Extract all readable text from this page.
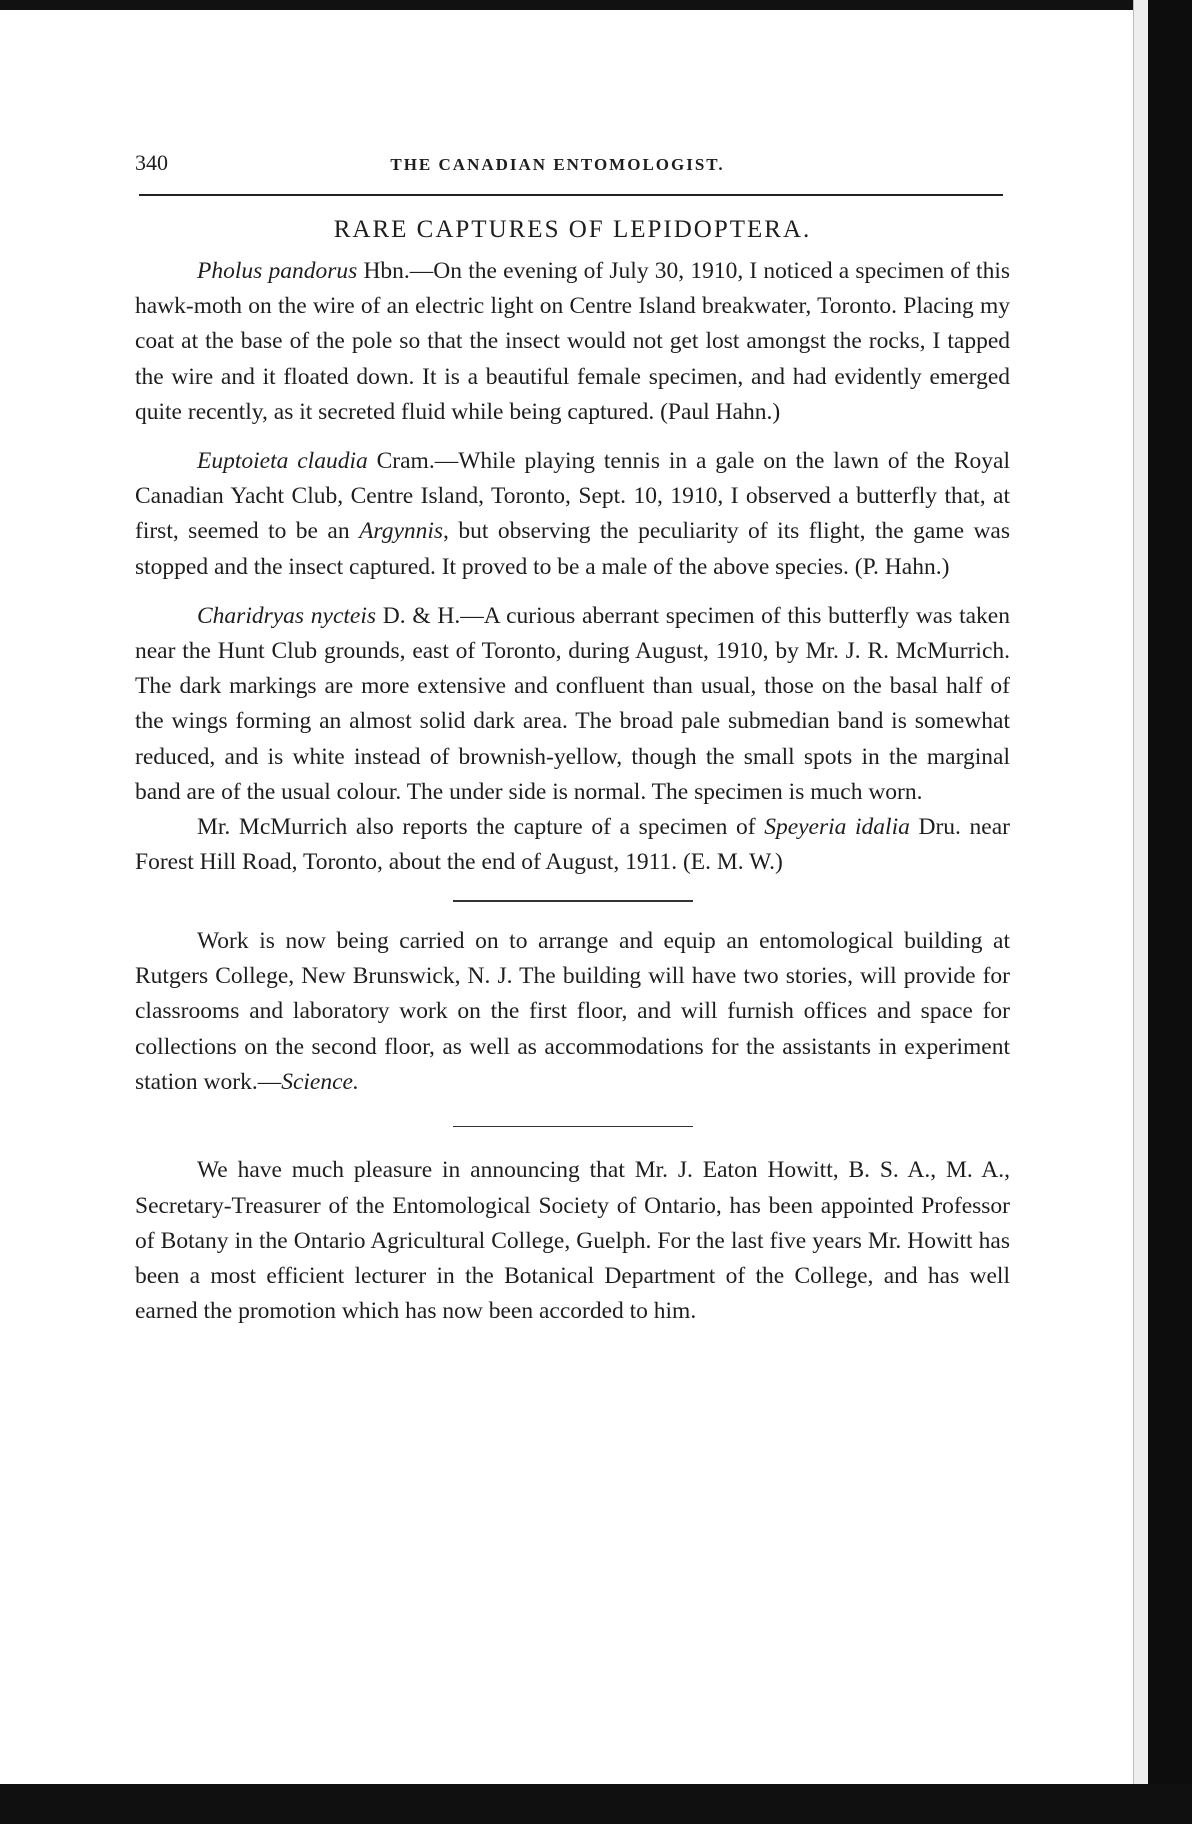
340	THE CANADIAN ENTOMOLOGIST.
RARE CAPTURES OF LEPIDOPTERA.

Pholus pandorus Hbn.—On the evening of July 30, 1910, I noticed a specimen of this hawk-moth on the wire of an electric light on Centre Island breakwater, Toronto. Placing my coat at the base of the pole so that the insect would not get lost amongst the rocks, I tapped the wire and it floated down. It is a beautiful female specimen, and had evidently emerged quite recently, as it secreted fluid while being captured. (Paul Hahn.)

Euptoieta claudia Cram.—While playing tennis in a gale on the lawn of the Royal Canadian Yacht Club, Centre Island, Toronto, Sept. 10, 1910, I observed a butterfly that, at first, seemed to be an Argynnis, but observing the peculiarity of its flight, the game was stopped and the insect captured. It proved to be a male of the above species. (P. Hahn.)

Charidryas nycteis D. & H.—A curious aberrant specimen of this butterfly was taken near the Hunt Club grounds, east of Toronto, during August, 1910, by Mr. J. R. McMurrich. The dark markings are more extensive and confluent than usual, those on the basal half of the wings forming an almost solid dark area. The broad pale submedian band is somewhat reduced, and is white instead of brownish-yellow, though the small spots in the marginal band are of the usual colour. The under side is normal. The specimen is much worn.

Mr. McMurrich also reports the capture of a specimen of Speyeria idalia Dru. near Forest Hill Road, Toronto, about the end of August, 1911. (E. M. W.)

Work is now being carried on to arrange and equip an entomological building at Rutgers College, New Brunswick, N. J. The building will have two stories, will provide for classrooms and laboratory work on the first floor, and will furnish offices and space for collections on the second floor, as well as accommodations for the assistants in experiment station work.—Science.

We have much pleasure in announcing that Mr. J. Eaton Howitt, B. S. A., M. A., Secretary-Treasurer of the Entomological Society of Ontario, has been appointed Professor of Botany in the Ontario Agricultural College, Guelph. For the last five years Mr. Howitt has been a most efficient lecturer in the Botanical Department of the College, and has well earned the promotion which has now been accorded to him.
